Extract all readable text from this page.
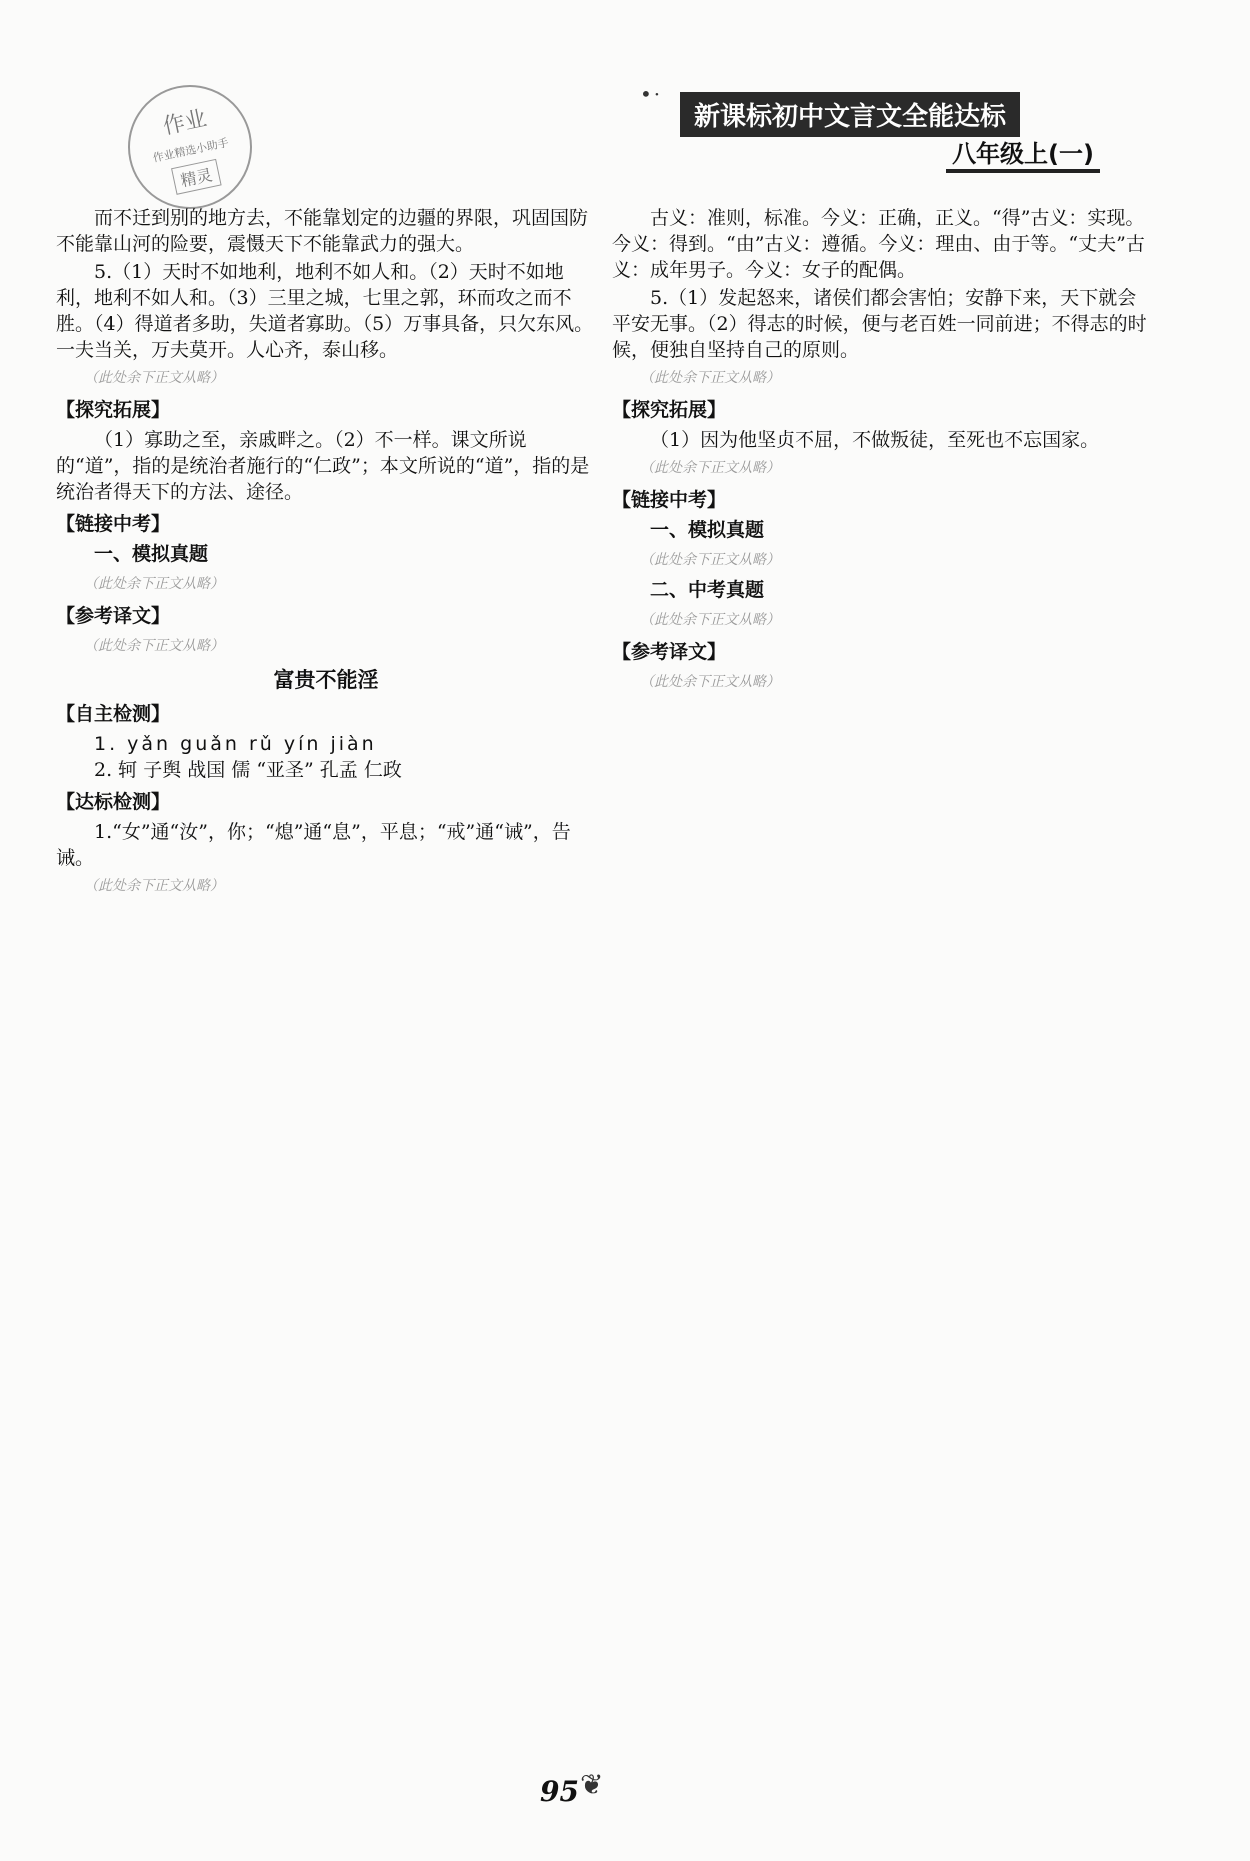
作业
作业精选小助手
精灵
•·
新课标初中文言文全能达标
八年级上(一)

而不迁到别的地方去，不能靠划定的边疆的界限，巩固国防不能靠山河的险要，震慑天下不能靠武力的强大。

5.（1）天时不如地利，地利不如人和。（2）天时不如地利，地利不如人和。（3）三里之城，七里之郭，环而攻之而不胜。（4）得道者多助，失道者寡助。（5）万事具备，只欠东风。一夫当关，万夫莫开。人心齐，泰山移。

（此处余下正文从略）

【探究拓展】

（1）寡助之至，亲戚畔之。（2）不一样。课文所说的“道”，指的是统治者施行的“仁政”；本文所说的“道”，指的是统治者得天下的方法、途径。

【链接中考】
一、模拟真题

（此处余下正文从略）

【参考译文】

（此处余下正文从略）

富贵不能淫
【自主检测】
1. yǎn guǎn rǔ yín jiàn

2. 轲 子舆 战国 儒 “亚圣” 孔孟 仁政

【达标检测】

1.“女”通“汝”，你；“熄”通“息”，平息；“戒”通“诫”，告诫。

（此处余下正文从略）

古义：准则，标准。今义：正确，正义。“得”古义：实现。今义：得到。“由”古义：遵循。今义：理由、由于等。“丈夫”古义：成年男子。今义：女子的配偶。

5.（1）发起怒来，诸侯们都会害怕；安静下来，天下就会平安无事。（2）得志的时候，便与老百姓一同前进；不得志的时候，便独自坚持自己的原则。

（此处余下正文从略）

【探究拓展】

（1）因为他坚贞不屈，不做叛徒，至死也不忘国家。

（此处余下正文从略）

【链接中考】
一、模拟真题

（此处余下正文从略）

二、中考真题

（此处余下正文从略）

【参考译文】

（此处余下正文从略）

95 ❦
